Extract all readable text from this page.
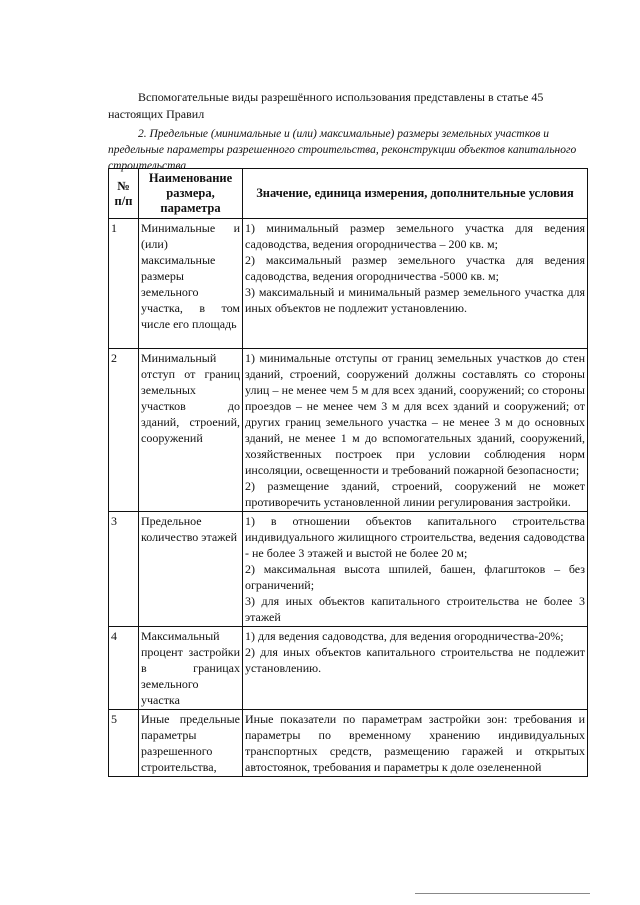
Вспомогательные виды разрешённого использования представлены в статье 45 настоящих Правил

2. Предельные (минимальные и (или) максимальные) размеры земельных участков и предельные параметры разрешенного строительства, реконструкции объектов капитального строительства

№ п/п	Наименование размера, параметра	Значение, единица измерения, дополнительные условия
1	Минимальные и (или) максимальные размеры земельного участка, в том числе его площадь	1) минимальный размер земельного участка для ведения садоводства, ведения огородничества – 200 кв. м;

2) максимальный размер земельного участка для ведения садоводства, ведения огородничества -5000 кв. м;

3) максимальный и минимальный размер земельного участка для иных объектов не подлежит установлению.

2	Минимальный отступ от границ земельных участков до зданий, строений, сооружений	1) минимальные отступы от границ земельных участков до стен зданий, строений, сооружений должны составлять со стороны улиц – не менее чем 5 м для всех зданий, сооружений; со стороны проездов – не менее чем 3 м для всех зданий и сооружений; от других границ земельного участка – не менее 3 м до основных зданий, не менее 1 м до вспомогательных зданий, сооружений, хозяйственных построек при условии соблюдения норм инсоляции, освещенности и требований пожарной безопасности;

2) размещение зданий, строений, сооружений не может противоречить установленной линии регулирования застройки.

3	Предельное количество этажей	1) в отношении объектов капитального строительства индивидуального жилищного строительства, ведения садоводства - не более 3 этажей и выстой не более 20 м;

2) максимальная высота шпилей, башен, флагштоков – без ограничений;

3) для иных объектов капитального строительства не более 3 этажей

4	Максимальный процент застройки в границах земельного участка	1) для ведения садоводства, для ведения огородничества-20%;

2) для иных объектов капитального строительства не подлежит установлению.

5	Иные предельные параметры разрешенного строительства,	Иные показатели по параметрам застройки зон: требования и параметры по временному хранению индивидуальных транспортных средств, размещению гаражей и открытых автостоянок, требования и параметры к доле озелененной
